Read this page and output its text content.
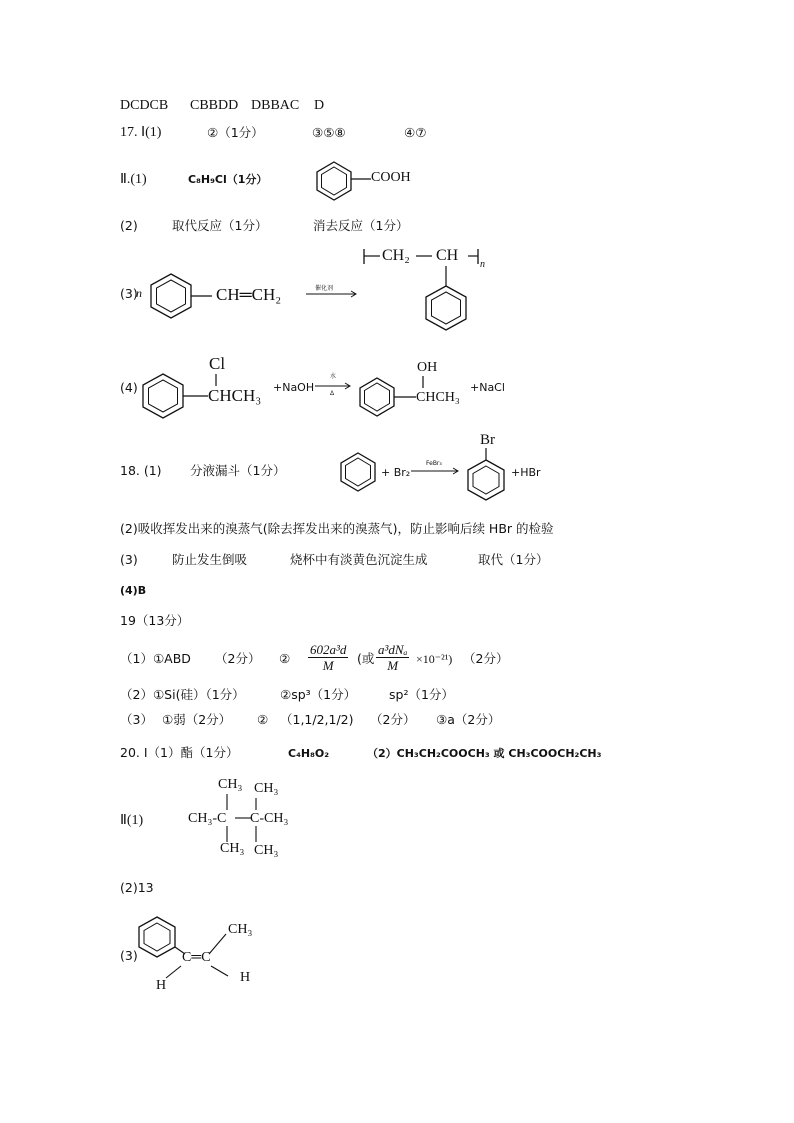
DCDCB CBBDD DBBAC D
17. Ⅰ(1)	②（1分）	③⑤⑧	④⑦
Ⅱ.(1)	C₈H₉Cl（1分）	COOH
(2)	取代反应（1分）	消去反应（1分）
(3)
n	CH═CH₂	催化剂
CH₂ CH
n
(4)
Cl
CHCH₃ +NaOH
水
Δ
OH
CHCH₃
+NaCl
18. (1) 分液漏斗（1分）	+ Br₂
FeBr₃
Br
+HBr
(2)吸收挥发出来的溴蒸气(除去挥发出来的溴蒸气)，防止影响后续 HBr 的检验
(3)	防止发生倒吸	烧杯中有淡黄色沉淀生成	取代（1分）
(4)B
19（13分）
（1）①ABD （2分） ② $\frac{\text{602a³d}}{M}$ (或
a³dNₐ
M	×10⁻²¹) （2分）
（2）①Si(硅）（1分）	②sp³（1分）	sp²（1分）
（3） ①弱（2分） ② （1,1/2,1/2) （2分） ③a（2分）
20. Ⅰ（1）酯（1分）	C₄H₈O₂	（2）CH₃CH₂COOCH₃ 或 CH₃COOCH₂CH₃
Ⅱ(1)
CH₃ CH₃
CH₃-C C-CH₃
CH₃ CH₃
(2)13
(3)	C═C
CH₃
H
H
